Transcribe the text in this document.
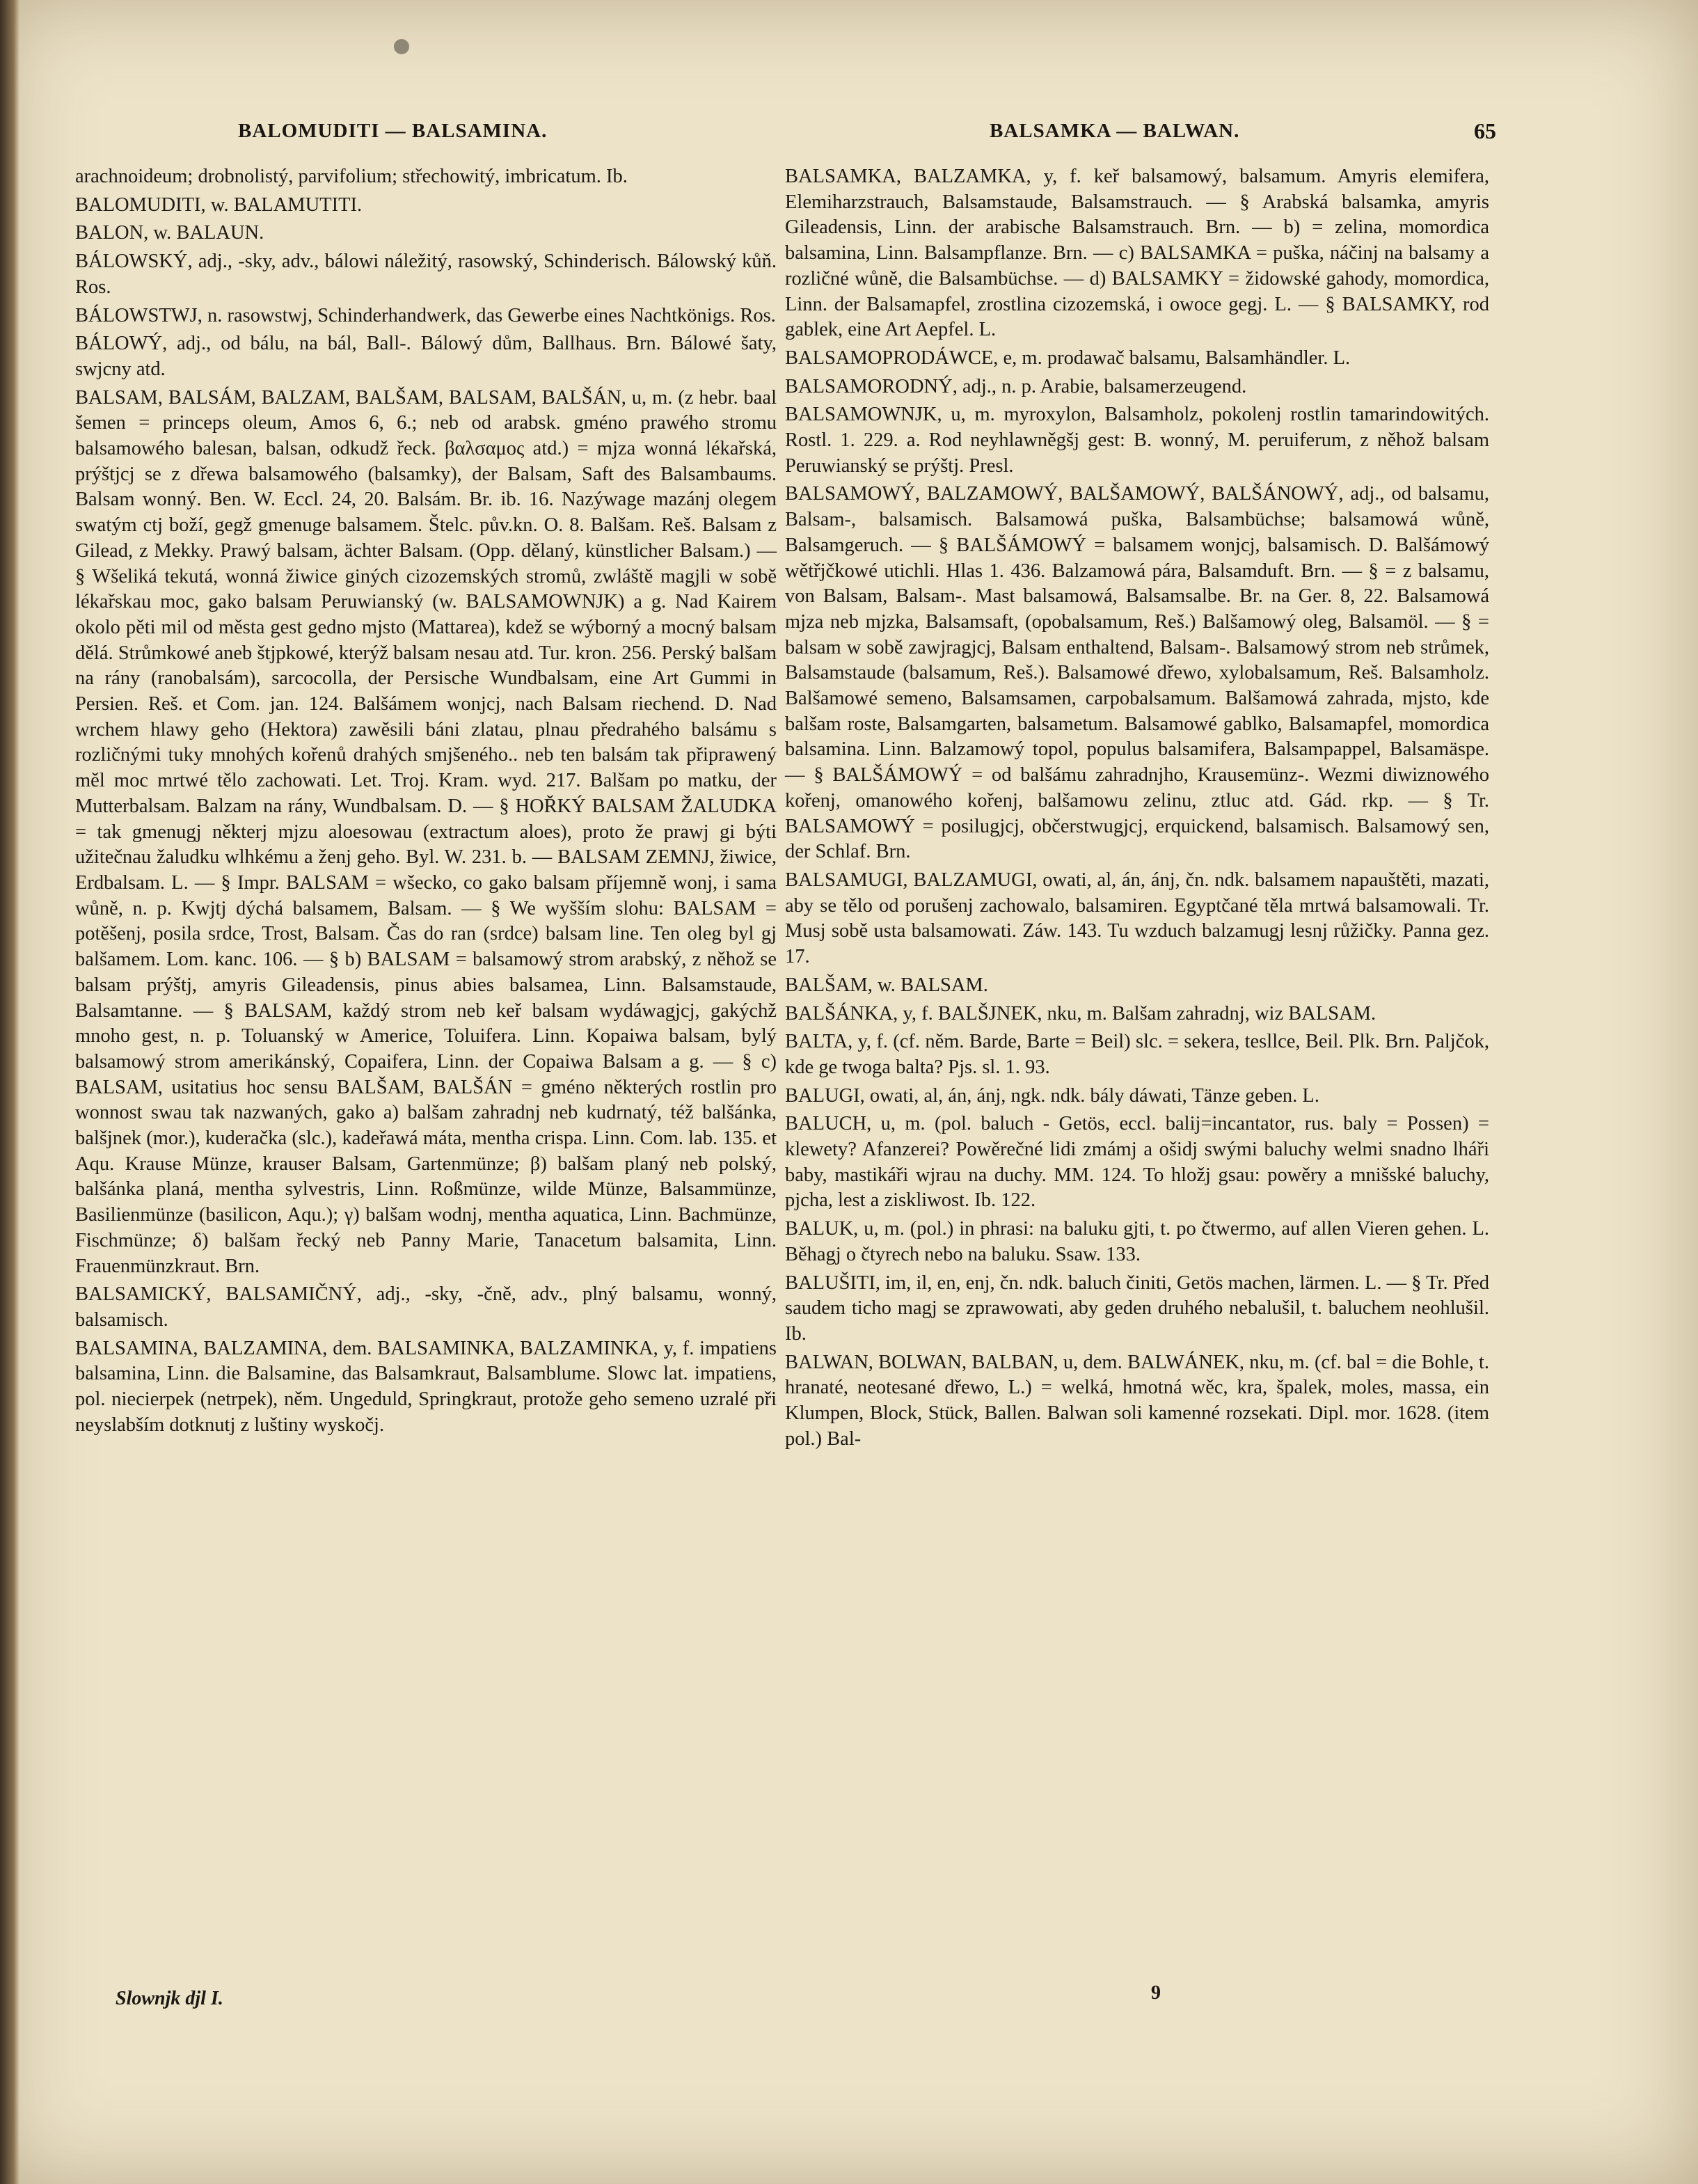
BALOMUDITI — BALSAMINA.	BALSAMKA — BALWAN.	65

arachnoideum; drobnolistý, parvifolium; střechowitý, imbricatum. Ib.

BALOMUDITI, w. BALAMUTITI.

BALON, w. BALAUN.

BÁLOWSKÝ, adj., -sky, adv., bálowi náležitý, rasowský, Schinderisch. Bálowský kůň. Ros.

BÁLOWSTWJ, n. rasowstwj, Schinderhandwerk, das Gewerbe eines Nachtkönigs. Ros.

BÁLOWÝ, adj., od bálu, na bál, Ball-. Bálowý dům, Ballhaus. Brn. Bálowé šaty, swjcny atd.

BALSAM, BALSÁM, BALZAM, BALŠAM, BALSAM, BALŠÁN, u, m. (z hebr. baal šemen = princeps oleum, Amos 6, 6.; neb od arabsk. gméno prawého stromu balsamowého balesan, balsan, odkudž řeck. βαλσαμος atd.) = mjza wonná lékařská, prýštjcj se z dřewa balsamowého (balsamky), der Balsam, Saft des Balsambaums. Balsam wonný. Ben. W. Eccl. 24, 20. Balsám. Br. ib. 16. Nazýwage mazánj olegem swatým ctj boží, gegž gmenuge balsamem. Štelc. pův.kn. O. 8. Balšam. Reš. Balsam z Gilead, z Mekky. Prawý balsam, ächter Balsam. (Opp. dělaný, künstlicher Balsam.) — § Wšeliká tekutá, wonná žiwice giných cizozemských stromů, zwláště magjli w sobě lékařskau moc, gako balsam Peruwianský (w. BALSAMOWNJK) a g. Nad Kairem okolo pěti mil od města gest gedno mjsto (Mattarea), kdež se wýborný a mocný balsam dělá. Strůmkowé aneb štjpkowé, kterýž balsam nesau atd. Tur. kron. 256. Perský balšam na rány (ranobalsám), sarcocolla, der Persische Wundbalsam, eine Art Gummi in Persien. Reš. et Com. jan. 124. Balšámem wonjcj, nach Balsam riechend. D. Nad wrchem hlawy geho (Hektora) zawěsili báni zlatau, plnau předrahého balsámu s rozličnými tuky mnohých kořenů drahých smjšeného.. neb ten balsám tak připrawený měl moc mrtwé tělo zachowati. Let. Troj. Kram. wyd. 217. Balšam po matku, der Mutterbalsam. Balzam na rány, Wundbalsam. D. — § HOŘKÝ BALSAM ŽALUDKA = tak gmenugj některj mjzu aloesowau (extractum aloes), proto že prawj gi býti užitečnau žaludku wlhkému a ženj geho. Byl. W. 231. b. — BALSAM ZEMNJ, žiwice, Erdbalsam. L. — § Impr. BALSAM = wšecko, co gako balsam příjemně wonj, i sama wůně, n. p. Kwjtj dýchá balsamem, Balsam. — § We wyšším slohu: BALSAM = potěšenj, posila srdce, Trost, Balsam. Čas do ran (srdce) balsam line. Ten oleg byl gj balšamem. Lom. kanc. 106. — § b) BALSAM = balsamowý strom arabský, z něhož se balsam prýštj, amyris Gileadensis, pinus abies balsamea, Linn. Balsamstaude, Balsamtanne. — § BALSAM, každý strom neb keř balsam wydáwagjcj, gakýchž mnoho gest, n. p. Toluanský w Americe, Toluifera. Linn. Kopaiwa balsam, bylý balsamowý strom amerikánský, Copaifera, Linn. der Copaiwa Balsam a g. — § c) BALSAM, usitatius hoc sensu BALŠAM, BALŠÁN = gméno některých rostlin pro wonnost swau tak nazwaných, gako a) balšam zahradnj neb kudrnatý, též balšánka, balšjnek (mor.), kuderačka (slc.), kadeřawá máta, mentha crispa. Linn. Com. lab. 135. et Aqu. Krause Münze, krauser Balsam, Gartenmünze; β) balšam planý neb polský, balšánka planá, mentha sylvestris, Linn. Roßmünze, wilde Münze, Balsammünze, Basilienmünze (basilicon, Aqu.); γ) balšam wodnj, mentha aquatica, Linn. Bachmünze, Fischmünze; δ) balšam řecký neb Panny Marie, Tanacetum balsamita, Linn. Frauenmünzkraut. Brn.

BALSAMICKÝ, BALSAMIČNÝ, adj., -sky, -čně, adv., plný balsamu, wonný, balsamisch.

BALSAMINA, BALZAMINA, dem. BALSAMINKA, BALZAMINKA, y, f. impatiens balsamina, Linn. die Balsamine, das Balsamkraut, Balsamblume. Slowc lat. impatiens, pol. niecierpek (netrpek), něm. Ungeduld, Springkraut, protože geho semeno uzralé při neyslabším dotknutj z luštiny wyskočj.

BALSAMKA, BALZAMKA, y, f. keř balsamowý, balsamum. Amyris elemifera, Elemiharzstrauch, Balsamstaude, Balsamstrauch. — § Arabská balsamka, amyris Gileadensis, Linn. der arabische Balsamstrauch. Brn. — b) = zelina, momordica balsamina, Linn. Balsampflanze. Brn. — c) BALSAMKA = puška, náčinj na balsamy a rozličné wůně, die Balsambüchse. — d) BALSAMKY = židowské gahody, momordica, Linn. der Balsamapfel, zrostlina cizozemská, i owoce gegj. L. — § BALSAMKY, rod gablek, eine Art Aepfel. L.

BALSAMOPRODÁWCE, e, m. prodawač balsamu, Balsamhändler. L.

BALSAMORODNÝ, adj., n. p. Arabie, balsamerzeugend.

BALSAMOWNJK, u, m. myroxylon, Balsamholz, pokolenj rostlin tamarindowitých. Rostl. 1. 229. a. Rod neyhlawněgšj gest: B. wonný, M. peruiferum, z něhož balsam Peruwianský se prýštj. Presl.

BALSAMOWÝ, BALZAMOWÝ, BALŠAMOWÝ, BALŠÁNOWÝ, adj., od balsamu, Balsam-, balsamisch. Balsamowá puška, Balsambüchse; balsamowá wůně, Balsamgeruch. — § BALŠÁMOWÝ = balsamem wonjcj, balsamisch. D. Balšámowý wětřjčkowé utichli. Hlas 1. 436. Balzamowá pára, Balsamduft. Brn. — § = z balsamu, von Balsam, Balsam-. Mast balsamowá, Balsamsalbe. Br. na Ger. 8, 22. Balsamowá mjza neb mjzka, Balsamsaft, (opobalsamum, Reš.) Balšamowý oleg, Balsamöl. — § = balsam w sobě zawjragjcj, Balsam enthaltend, Balsam-. Balsamowý strom neb strůmek, Balsamstaude (balsamum, Reš.). Balsamowé dřewo, xylobalsamum, Reš. Balsamholz. Balšamowé semeno, Balsamsamen, carpobalsamum. Balšamowá zahrada, mjsto, kde balšam roste, Balsamgarten, balsametum. Balsamowé gablko, Balsamapfel, momordica balsamina. Linn. Balzamowý topol, populus balsamifera, Balsampappel, Balsamäspe. — § BALŠÁMOWÝ = od balšámu zahradnjho, Krausemünz-. Wezmi diwiznowého kořenj, omanowého kořenj, balšamowu zelinu, ztluc atd. Gád. rkp. — § Tr. BALSAMOWÝ = posilugjcj, občerstwugjcj, erquickend, balsamisch. Balsamowý sen, der Schlaf. Brn.

BALSAMUGI, BALZAMUGI, owati, al, án, ánj, čn. ndk. balsamem napauštěti, mazati, aby se tělo od porušenj zachowalo, balsamiren. Egyptčané těla mrtwá balsamowali. Tr. Musj sobě usta balsamowati. Záw. 143. Tu wzduch balzamugj lesnj růžičky. Panna gez. 17.

BALŠAM, w. BALSAM.

BALŠÁNKA, y, f. BALŠJNEK, nku, m. Balšam zahradnj, wiz BALSAM.

BALTA, y, f. (cf. něm. Barde, Barte = Beil) slc. = sekera, tesllce, Beil. Plk. Brn. Paljčok, kde ge twoga balta? Pjs. sl. 1. 93.

BALUGI, owati, al, án, ánj, ngk. ndk. bály dáwati, Tänze geben. L.

BALUCH, u, m. (pol. baluch - Getös, eccl. balij=incantator, rus. baly = Possen) = klewety? Afanzerei? Powěrečné lidi zmámj a ošidj swými baluchy welmi snadno lháři baby, mastikáři wjrau na duchy. MM. 124. To hložj gsau: powěry a mnišské baluchy, pjcha, lest a ziskliwost. Ib. 122.

BALUK, u, m. (pol.) in phrasi: na baluku gjti, t. po čtwermo, auf allen Vieren gehen. L. Běhagj o čtyrech nebo na baluku. Ssaw. 133.

BALUŠITI, im, il, en, enj, čn. ndk. baluch činiti, Getös machen, lärmen. L. — § Tr. Před saudem ticho magj se zprawowati, aby geden druhého nebalušil, t. baluchem neohlušil. Ib.

BALWAN, BOLWAN, BALBAN, u, dem. BALWÁNEK, nku, m. (cf. bal = die Bohle, t. hranaté, neotesané dřewo, L.) = welká, hmotná wěc, kra, špalek, moles, massa, ein Klumpen, Block, Stück, Ballen. Balwan soli kamenné rozsekati. Dipl. mor. 1628. (item pol.) Bal-

Slownjk djl I.	9
